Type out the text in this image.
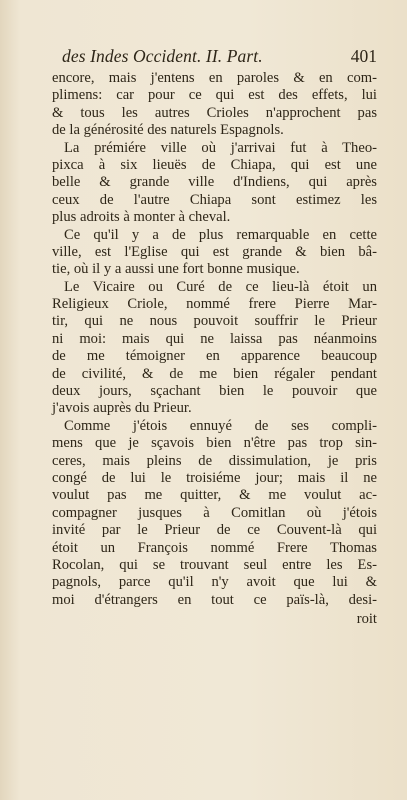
des Indes Occident. II. Part.	401
encore, mais j'entens en paroles & en com-
plimens: car pour ce qui est des effets, lui
& tous les autres Crioles n'approchent pas
de la générosité des naturels Espagnols.
La prémiére ville où j'arrivai fut à Theo-
pixca à six lieuës de Chiapa, qui est une
belle & grande ville d'Indiens, qui après
ceux de l'autre Chiapa sont estimez les
plus adroits à monter à cheval.
Ce qu'il y a de plus remarquable en cette
ville, est l'Eglise qui est grande & bien bâ-
tie, où il y a aussi une fort bonne musique.
Le Vicaire ou Curé de ce lieu-là étoit un
Religieux Criole, nommé frere Pierre Mar-
tir, qui ne nous pouvoit souffrir le Prieur
ni moi: mais qui ne laissa pas néanmoins
de me témoigner en apparence beaucoup
de civilité, & de me bien régaler pendant
deux jours, sçachant bien le pouvoir que
j'avois auprès du Prieur.
Comme j'étois ennuyé de ses compli-
mens que je sçavois bien n'être pas trop sin-
ceres, mais pleins de dissimulation, je pris
congé de lui le troisiéme jour; mais il ne
voulut pas me quitter, & me voulut ac-
compagner jusques à Comitlan où j'étois
invité par le Prieur de ce Couvent-là qui
étoit un François nommé Frere Thomas
Rocolan, qui se trouvant seul entre les Es-
pagnols, parce qu'il n'y avoit que lui &
moi d'étrangers en tout ce païs-là, desi-
roit
